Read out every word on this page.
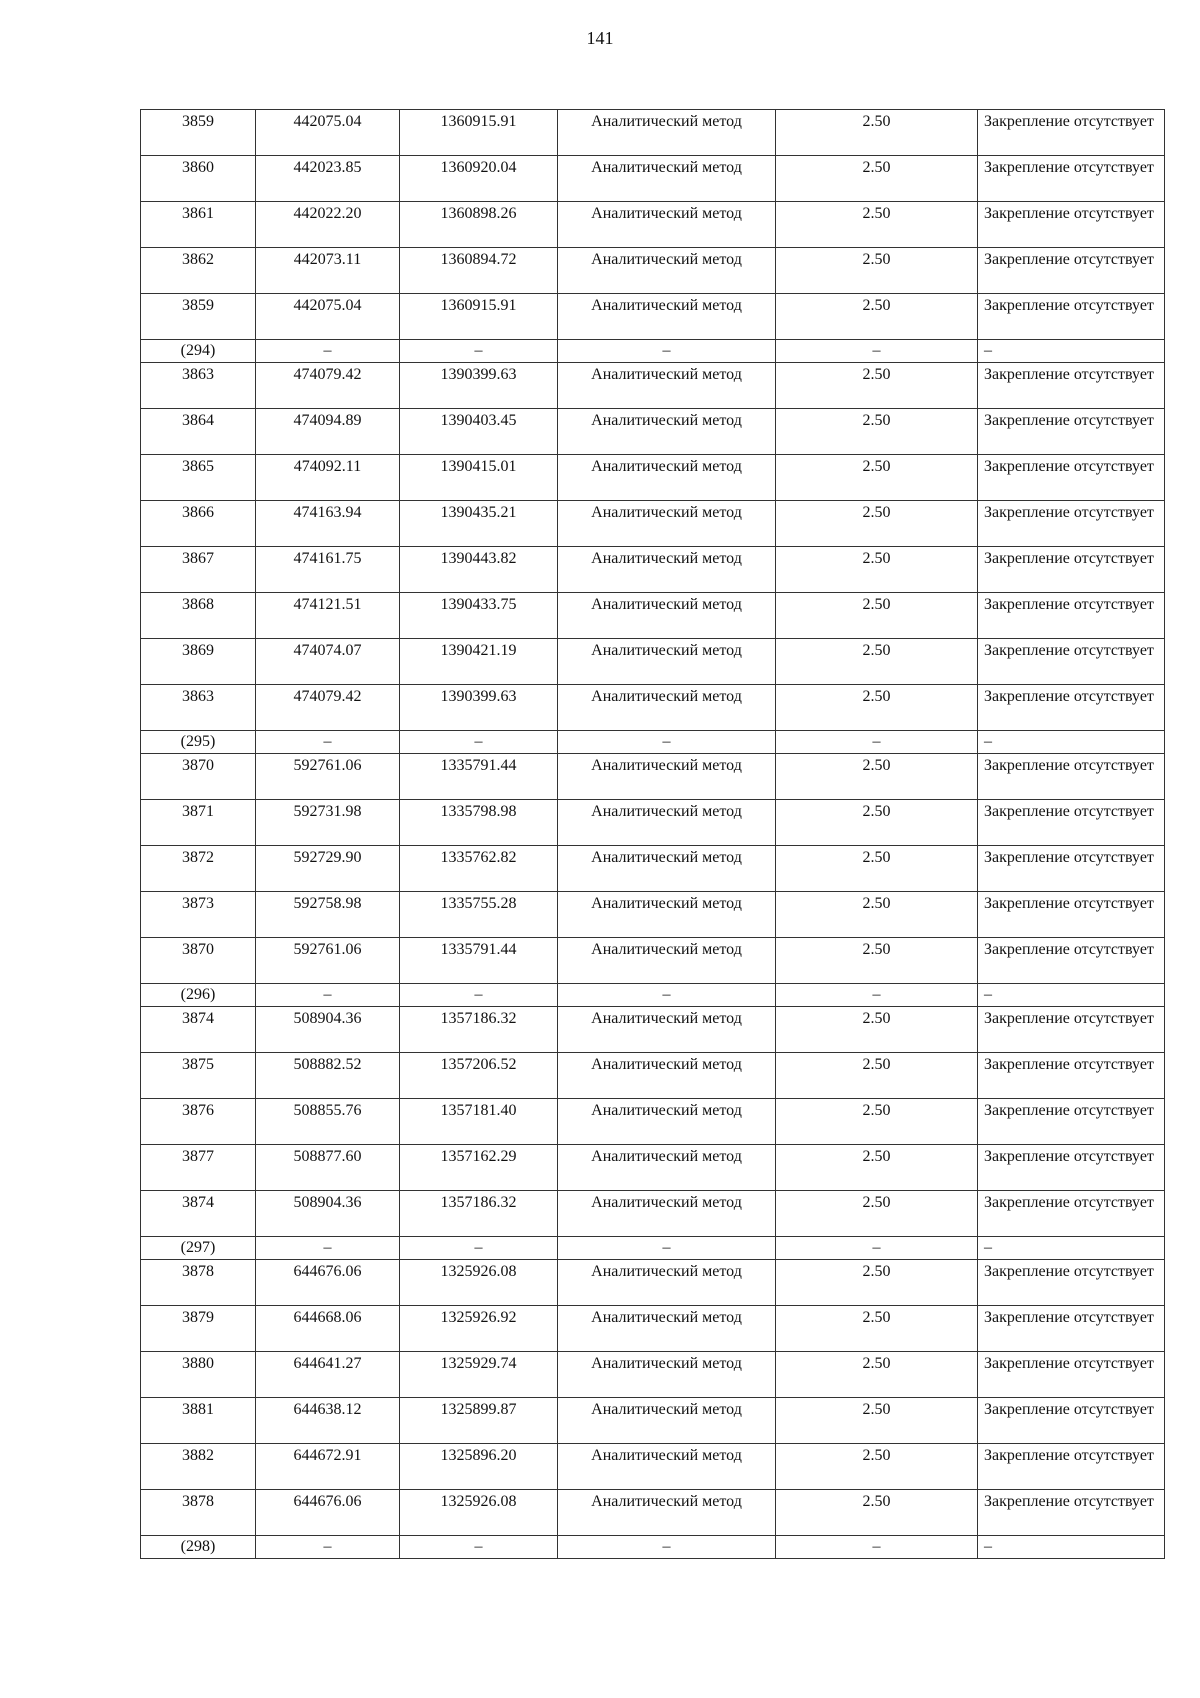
141
3859	442075.04	1360915.91	Аналитический метод	2.50	Закрепление отсутствует
3860	442023.85	1360920.04	Аналитический метод	2.50	Закрепление отсутствует
3861	442022.20	1360898.26	Аналитический метод	2.50	Закрепление отсутствует
3862	442073.11	1360894.72	Аналитический метод	2.50	Закрепление отсутствует
3859	442075.04	1360915.91	Аналитический метод	2.50	Закрепление отсутствует
(294)	–	–	–	–	–
3863	474079.42	1390399.63	Аналитический метод	2.50	Закрепление отсутствует
3864	474094.89	1390403.45	Аналитический метод	2.50	Закрепление отсутствует
3865	474092.11	1390415.01	Аналитический метод	2.50	Закрепление отсутствует
3866	474163.94	1390435.21	Аналитический метод	2.50	Закрепление отсутствует
3867	474161.75	1390443.82	Аналитический метод	2.50	Закрепление отсутствует
3868	474121.51	1390433.75	Аналитический метод	2.50	Закрепление отсутствует
3869	474074.07	1390421.19	Аналитический метод	2.50	Закрепление отсутствует
3863	474079.42	1390399.63	Аналитический метод	2.50	Закрепление отсутствует
(295)	–	–	–	–	–
3870	592761.06	1335791.44	Аналитический метод	2.50	Закрепление отсутствует
3871	592731.98	1335798.98	Аналитический метод	2.50	Закрепление отсутствует
3872	592729.90	1335762.82	Аналитический метод	2.50	Закрепление отсутствует
3873	592758.98	1335755.28	Аналитический метод	2.50	Закрепление отсутствует
3870	592761.06	1335791.44	Аналитический метод	2.50	Закрепление отсутствует
(296)	–	–	–	–	–
3874	508904.36	1357186.32	Аналитический метод	2.50	Закрепление отсутствует
3875	508882.52	1357206.52	Аналитический метод	2.50	Закрепление отсутствует
3876	508855.76	1357181.40	Аналитический метод	2.50	Закрепление отсутствует
3877	508877.60	1357162.29	Аналитический метод	2.50	Закрепление отсутствует
3874	508904.36	1357186.32	Аналитический метод	2.50	Закрепление отсутствует
(297)	–	–	–	–	–
3878	644676.06	1325926.08	Аналитический метод	2.50	Закрепление отсутствует
3879	644668.06	1325926.92	Аналитический метод	2.50	Закрепление отсутствует
3880	644641.27	1325929.74	Аналитический метод	2.50	Закрепление отсутствует
3881	644638.12	1325899.87	Аналитический метод	2.50	Закрепление отсутствует
3882	644672.91	1325896.20	Аналитический метод	2.50	Закрепление отсутствует
3878	644676.06	1325926.08	Аналитический метод	2.50	Закрепление отсутствует
(298)	–	–	–	–	–
